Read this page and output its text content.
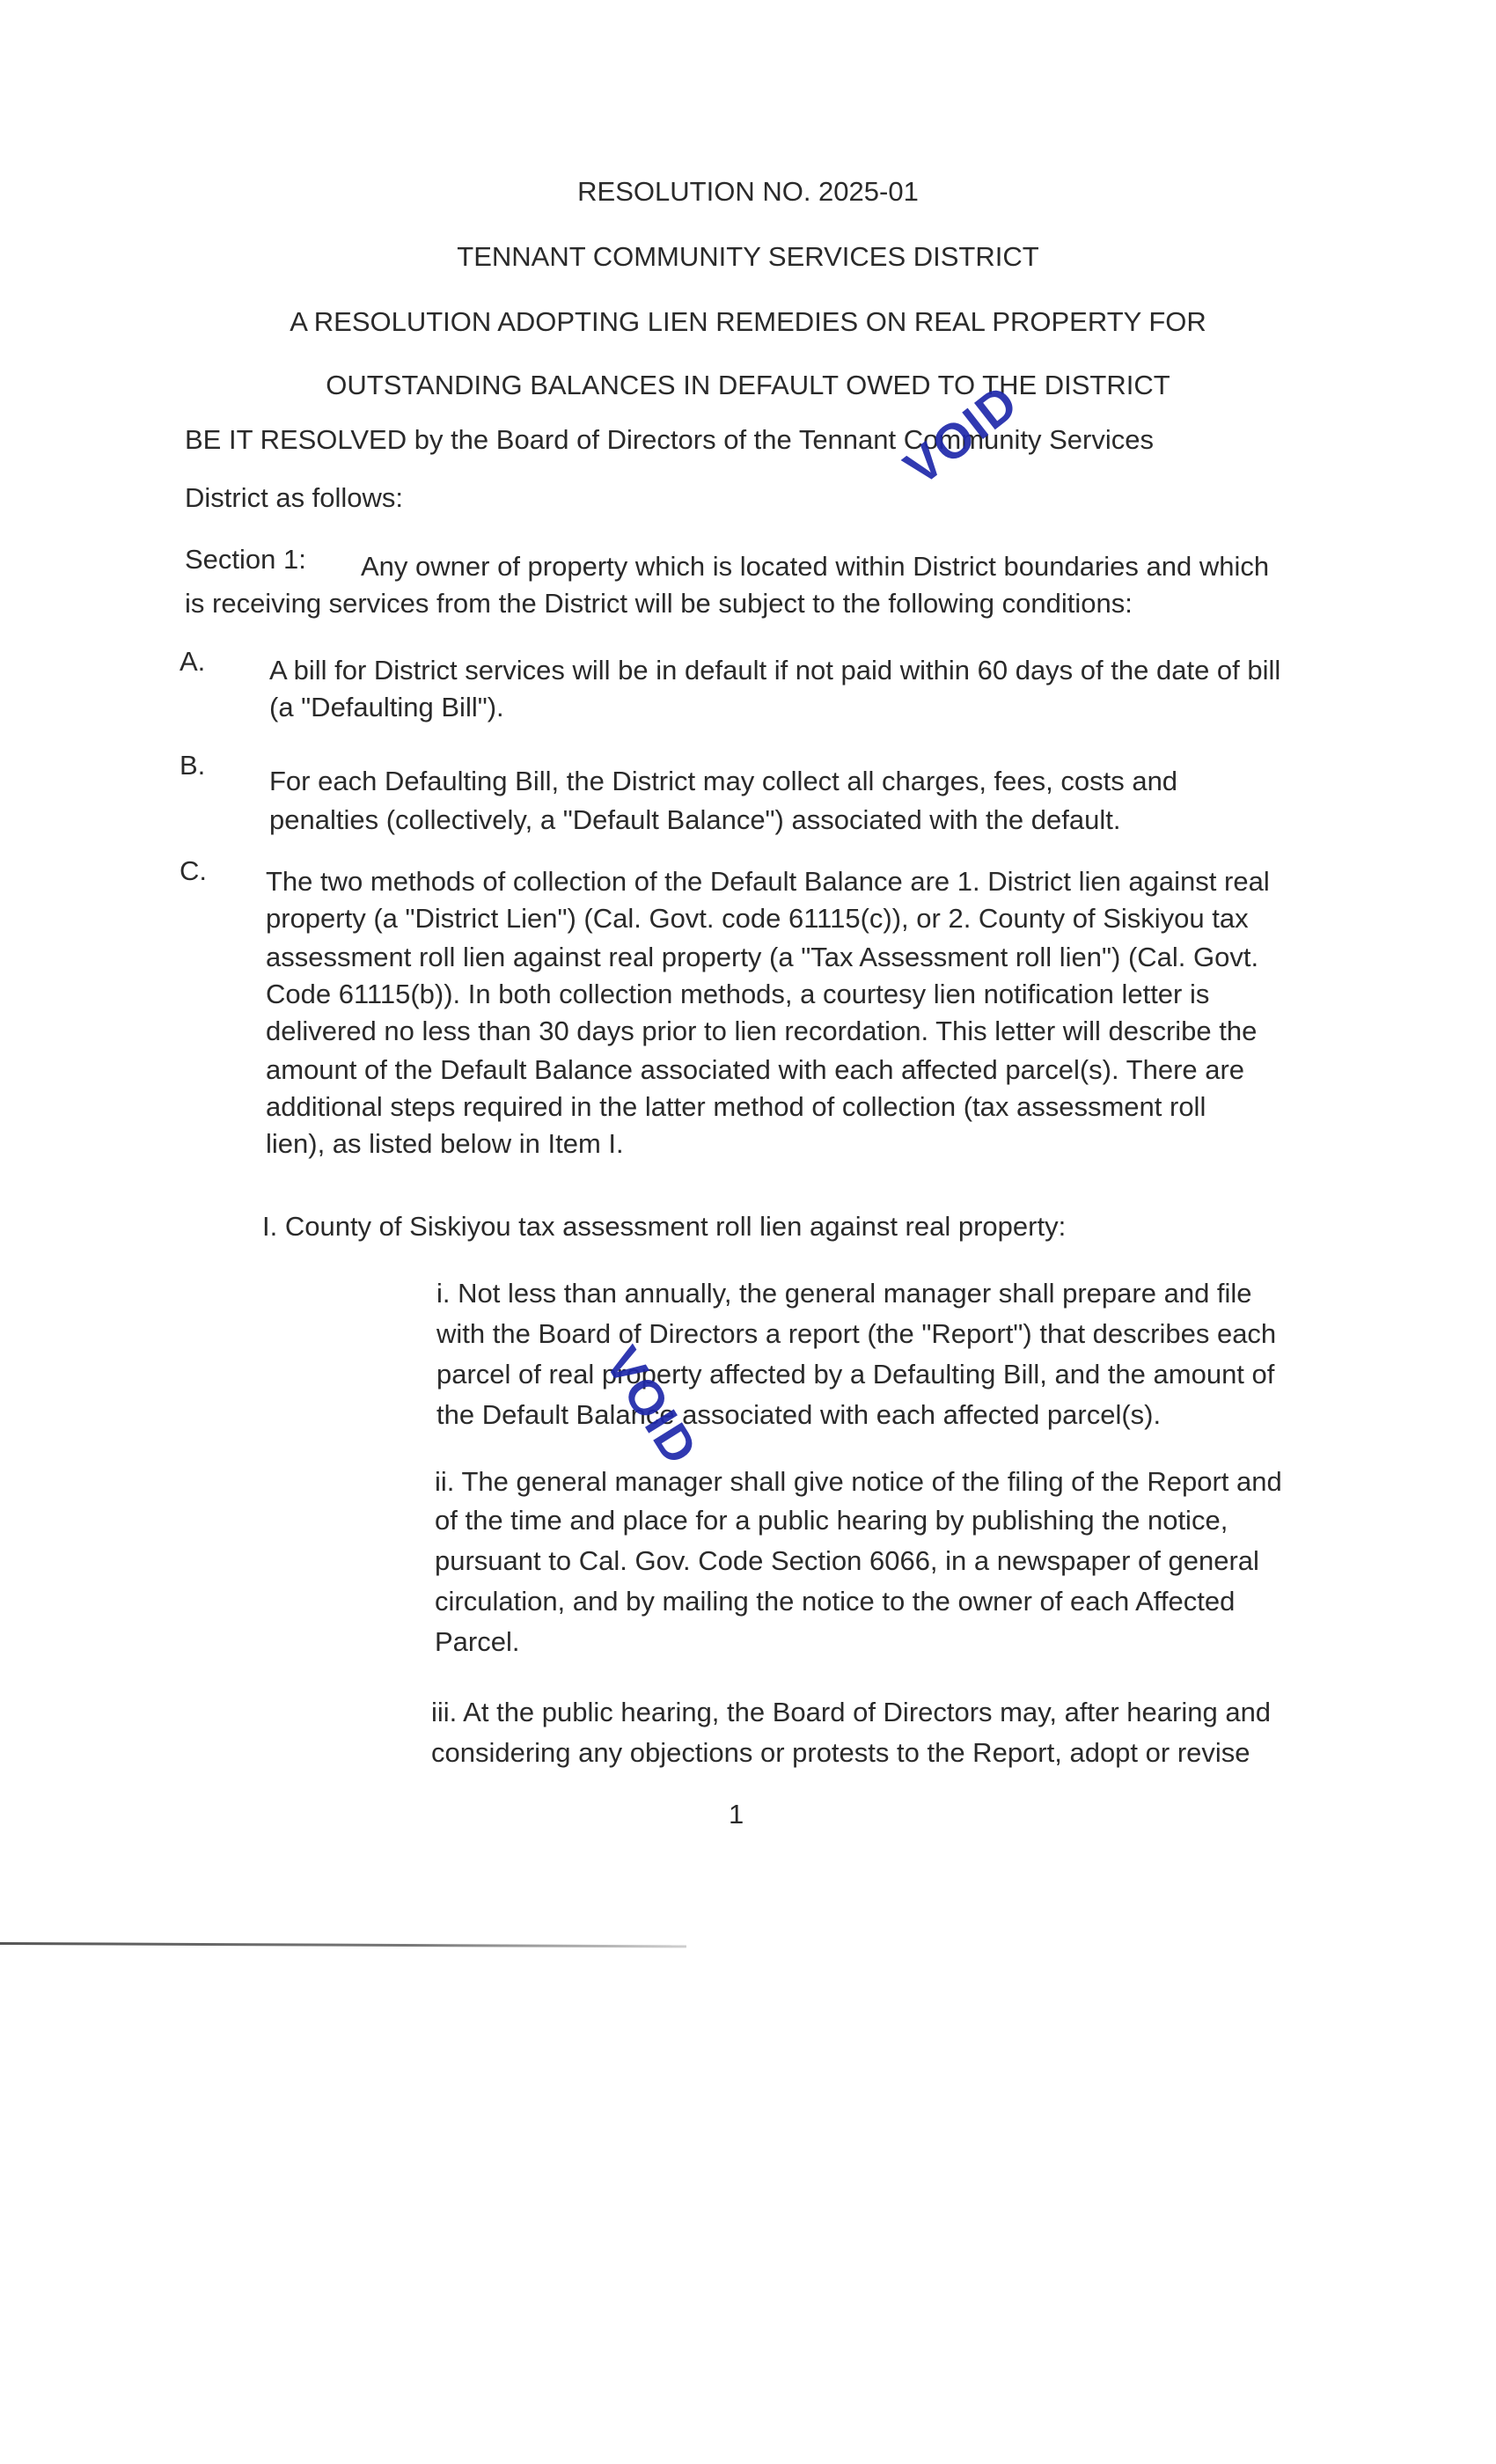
RESOLUTION NO. 2025-01
TENNANT COMMUNITY SERVICES DISTRICT
A RESOLUTION ADOPTING LIEN REMEDIES ON REAL PROPERTY FOR
OUTSTANDING BALANCES IN DEFAULT OWED TO THE DISTRICT
BE IT RESOLVED by the Board of Directors of the Tennant Community Services
District as follows:
Section 1: Any owner of property which is located within District boundaries and which
is receiving services from the District will be subject to the following conditions:
A. A bill for District services will be in default if not paid within 60 days of the date of bill
(a "Defaulting Bill").
B.
For each Defaulting Bill, the District may collect all charges, fees, costs and
penalties (collectively, a "Default Balance") associated with the default.
C. The two methods of collection of the Default Balance are 1. District lien against real
property (a "District Lien") (Cal. Govt. code 61115(c)), or 2. County of Siskiyou tax
assessment roll lien against real property (a "Tax Assessment roll lien") (Cal. Govt.
Code 61115(b)). In both collection methods, a courtesy lien notification letter is
delivered no less than 30 days prior to lien recordation. This letter will describe the
amount of the Default Balance associated with each affected parcel(s). There are
additional steps required in the latter method of collection (tax assessment roll
lien), as listed below in Item I.
I. County of Siskiyou tax assessment roll lien against real property:
i. Not less than annually, the general manager shall prepare and file
with the Board of Directors a report (the "Report") that describes each
parcel of real property affected by a Defaulting Bill, and the amount of
the Default Balance associated with each affected parcel(s).
ii. The general manager shall give notice of the filing of the Report and
of the time and place for a public hearing by publishing the notice,
pursuant to Cal. Gov. Code Section 6066, in a newspaper of general
circulation, and by mailing the notice to the owner of each Affected
Parcel.
iii. At the public hearing, the Board of Directors may, after hearing and
considering any objections or protests to the Report, adopt or revise
1
VOID
VOID
